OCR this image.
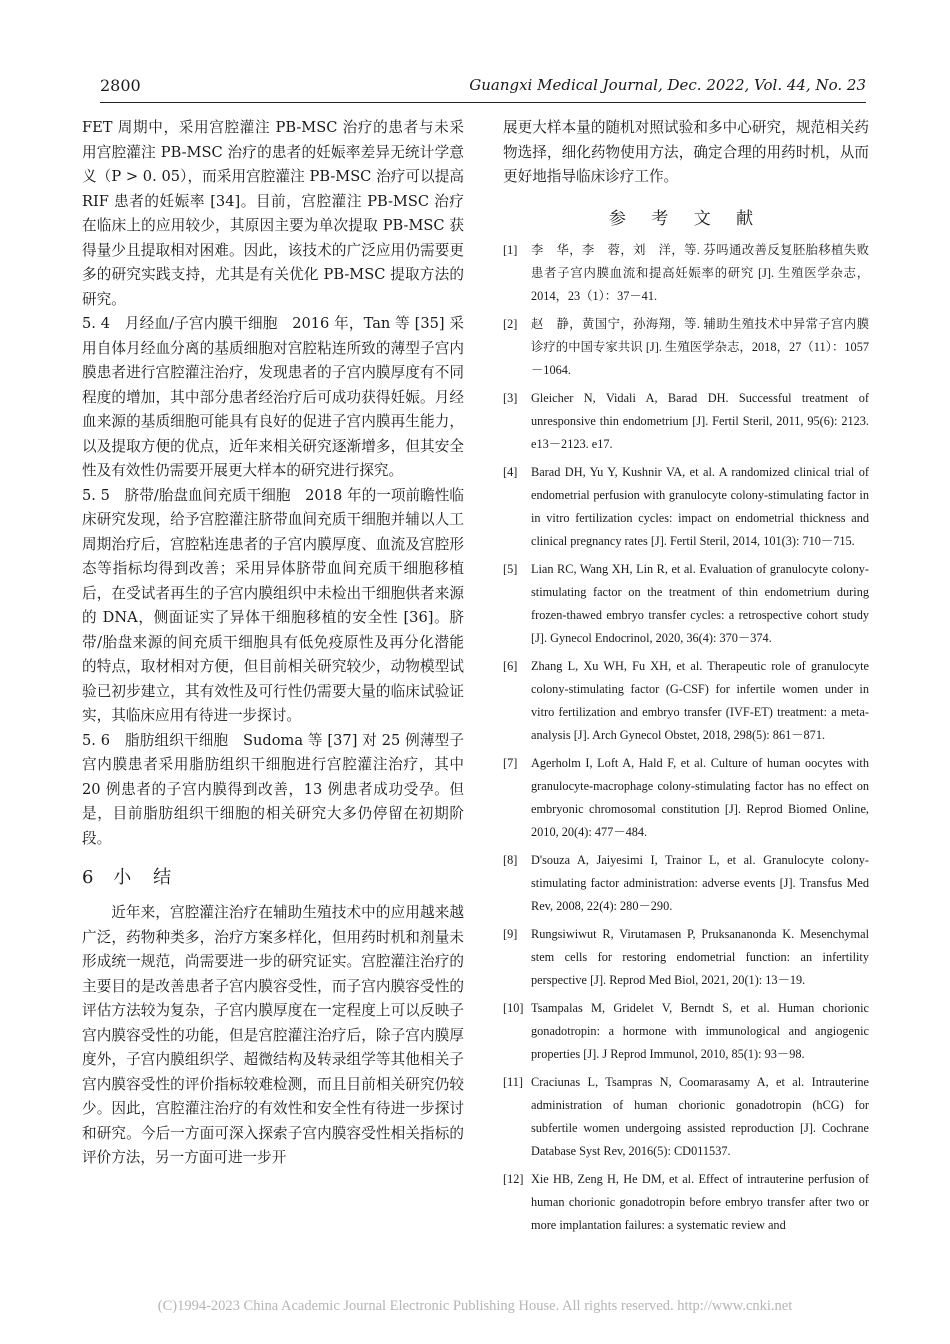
2800	Guangxi Medical Journal, Dec. 2022, Vol. 44, No. 23

FET 周期中，采用宫腔灌注 PB-MSC 治疗的患者与未采用宫腔灌注 PB-MSC 治疗的患者的妊娠率差异无统计学意义（P > 0. 05），而采用宫腔灌注 PB-MSC 治疗可以提高 RIF 患者的妊娠率 [34]。目前，宫腔灌注 PB-MSC 治疗在临床上的应用较少，其原因主要为单次提取 PB-MSC 获得量少且提取相对困难。因此，该技术的广泛应用仍需要更多的研究实践支持，尤其是有关优化 PB-MSC 提取方法的研究。

5. 4　月经血/子宫内膜干细胞　2016 年，Tan 等 [35] 采用自体月经血分离的基质细胞对宫腔粘连所致的薄型子宫内膜患者进行宫腔灌注治疗，发现患者的子宫内膜厚度有不同程度的增加，其中部分患者经治疗后可成功获得妊娠。月经血来源的基质细胞可能具有良好的促进子宫内膜再生能力，以及提取方便的优点，近年来相关研究逐渐增多，但其安全性及有效性仍需要开展更大样本的研究进行探究。

5. 5　脐带/胎盘血间充质干细胞　2018 年的一项前瞻性临床研究发现，给予宫腔灌注脐带血间充质干细胞并辅以人工周期治疗后，宫腔粘连患者的子宫内膜厚度、血流及宫腔形态等指标均得到改善；采用异体脐带血间充质干细胞移植后，在受试者再生的子宫内膜组织中未检出干细胞供者来源的 DNA，侧面证实了异体干细胞移植的安全性 [36]。脐带/胎盘来源的间充质干细胞具有低免疫原性及再分化潜能的特点，取材相对方便，但目前相关研究较少，动物模型试验已初步建立，其有效性及可行性仍需要大量的临床试验证实，其临床应用有待进一步探讨。

5. 6　脂肪组织干细胞　Sudoma 等 [37] 对 25 例薄型子宫内膜患者采用脂肪组织干细胞进行宫腔灌注治疗，其中 20 例患者的子宫内膜得到改善，13 例患者成功受孕。但是，目前脂肪组织干细胞的相关研究大多仍停留在初期阶段。

6 小　结

近年来，宫腔灌注治疗在辅助生殖技术中的应用越来越广泛，药物种类多，治疗方案多样化，但用药时机和剂量未形成统一规范，尚需要进一步的研究证实。宫腔灌注治疗的主要目的是改善患者子宫内膜容受性，而子宫内膜容受性的评估方法较为复杂，子宫内膜厚度在一定程度上可以反映子宫内膜容受性的功能，但是宫腔灌注治疗后，除子宫内膜厚度外，子宫内膜组织学、超微结构及转录组学等其他相关子宫内膜容受性的评价指标较难检测，而且目前相关研究仍较少。因此，宫腔灌注治疗的有效性和安全性有待进一步探讨和研究。今后一方面可深入探索子宫内膜容受性相关指标的评价方法，另一方面可进一步开

展更大样本量的随机对照试验和多中心研究，规范相关药物选择，细化药物使用方法，确定合理的用药时机，从而更好地指导临床诊疗工作。

参 考 文 献
[1] 李　华，李　蓉，刘　洋，等. 芬吗通改善反复胚胎移植失败患者子宫内膜血流和提高妊娠率的研究 [J]. 生殖医学杂志，2014，23（1）：37－41.
[2] 赵　静，黄国宁，孙海翔，等. 辅助生殖技术中异常子宫内膜诊疗的中国专家共识 [J]. 生殖医学杂志，2018，27（11）：1057－1064.
[3] Gleicher N, Vidali A, Barad DH. Successful treatment of unresponsive thin endometrium [J]. Fertil Steril, 2011, 95(6): 2123. e13－2123. e17.
[4] Barad DH, Yu Y, Kushnir VA, et al. A randomized clinical trial of endometrial perfusion with granulocyte colony-stimulating factor in in vitro fertilization cycles: impact on endometrial thickness and clinical pregnancy rates [J]. Fertil Steril, 2014, 101(3): 710－715.
[5] Lian RC, Wang XH, Lin R, et al. Evaluation of granulocyte colony-stimulating factor on the treatment of thin endometrium during frozen-thawed embryo transfer cycles: a retrospective cohort study [J]. Gynecol Endocrinol, 2020, 36(4): 370－374.
[6] Zhang L, Xu WH, Fu XH, et al. Therapeutic role of granulocyte colony-stimulating factor (G-CSF) for infertile women under in vitro fertilization and embryo transfer (IVF-ET) treatment: a meta-analysis [J]. Arch Gynecol Obstet, 2018, 298(5): 861－871.
[7] Agerholm I, Loft A, Hald F, et al. Culture of human oocytes with granulocyte-macrophage colony-stimulating factor has no effect on embryonic chromosomal constitution [J]. Reprod Biomed Online, 2010, 20(4): 477－484.
[8] D'souza A, Jaiyesimi I, Trainor L, et al. Granulocyte colony-stimulating factor administration: adverse events [J]. Transfus Med Rev, 2008, 22(4): 280－290.
[9] Rungsiwiwut R, Virutamasen P, Pruksananonda K. Mesenchymal stem cells for restoring endometrial function: an infertility perspective [J]. Reprod Med Biol, 2021, 20(1): 13－19.
[10] Tsampalas M, Gridelet V, Berndt S, et al. Human chorionic gonadotropin: a hormone with immunological and angiogenic properties [J]. J Reprod Immunol, 2010, 85(1): 93－98.
[11] Craciunas L, Tsampras N, Coomarasamy A, et al. Intrauterine administration of human chorionic gonadotropin (hCG) for subfertile women undergoing assisted reproduction [J]. Cochrane Database Syst Rev, 2016(5): CD011537.
[12] Xie HB, Zeng H, He DM, et al. Effect of intrauterine perfusion of human chorionic gonadotropin before embryo transfer after two or more implantation failures: a systematic review and
(C)1994-2023 China Academic Journal Electronic Publishing House. All rights reserved. http://www.cnki.net
